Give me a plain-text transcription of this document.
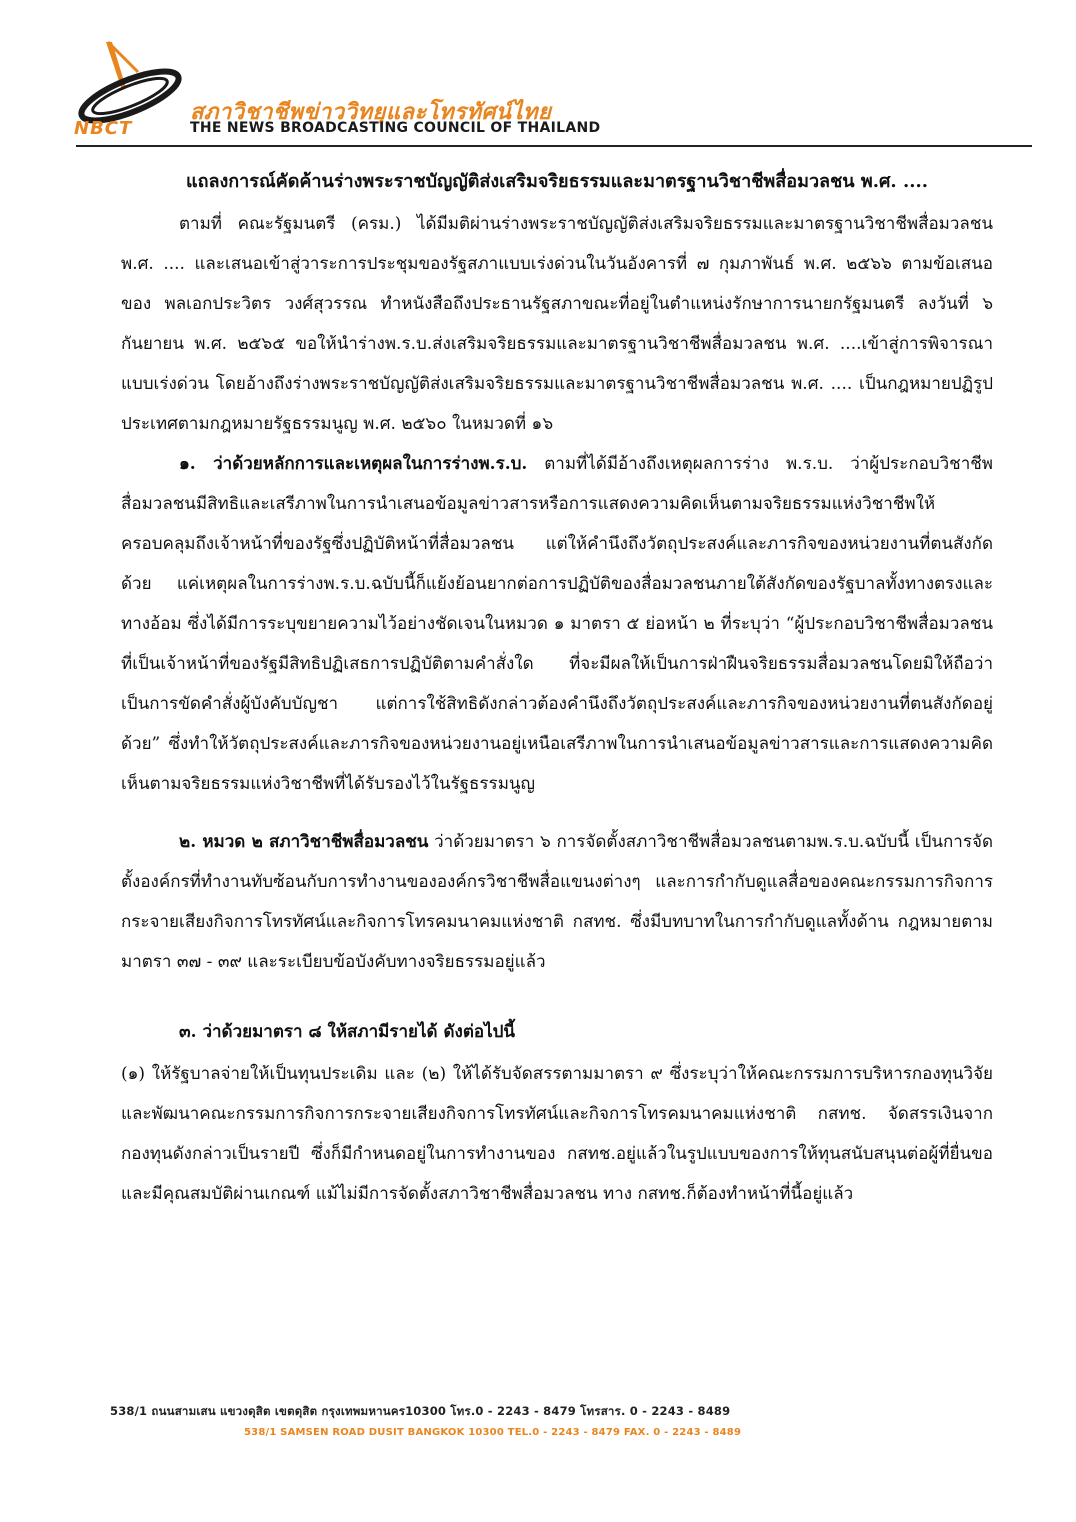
สภาวิชาชีพข่าววิทยุและโทรทัศน์ไทย
NBCT	THE NEWS BROADCASTING COUNCIL OF THAILAND

แถลงการณ์คัดค้านร่างพระราชบัญญัติส่งเสริมจริยธรรมและมาตรฐานวิชาชีพสื่อมวลชน พ.ศ. ....

ตามที่ คณะรัฐมนตรี (ครม.) ได้มีมติผ่านร่างพระราชบัญญัติส่งเสริมจริยธรรมและมาตรฐานวิชาชีพสื่อมวลชน พ.ศ. .... และเสนอเข้าสู่วาระการประชุมของรัฐสภาแบบเร่งด่วนในวันอังคารที่ ๗ กุมภาพันธ์ พ.ศ. ๒๕๖๖ ตามข้อเสนอของ พลเอกประวิตร วงศ์สุวรรณ ทำหนังสือถึงประธานรัฐสภาขณะที่อยู่ในตำแหน่งรักษาการนายกรัฐมนตรี ลงวันที่ ๖ กันยายน พ.ศ. ๒๕๖๕ ขอให้นำร่างพ.ร.บ.ส่งเสริมจริยธรรมและมาตรฐานวิชาชีพสื่อมวลชน พ.ศ. ....เข้าสู่การพิจารณาแบบเร่งด่วน โดยอ้างถึงร่างพระราชบัญญัติส่งเสริมจริยธรรมและมาตรฐานวิชาชีพสื่อมวลชน พ.ศ. .... เป็นกฎหมายปฏิรูปประเทศตามกฎหมายรัฐธรรมนูญ พ.ศ. ๒๕๖๐ ในหมวดที่ ๑๖

๑. ว่าด้วยหลักการและเหตุผลในการร่างพ.ร.บ. ตามที่ได้มีอ้างถึงเหตุผลการร่าง พ.ร.บ. ว่าผู้ประกอบวิชาชีพสื่อมวลชนมีสิทธิและเสรีภาพในการนำเสนอข้อมูลข่าวสารหรือการแสดงความคิดเห็นตามจริยธรรมแห่งวิชาชีพให้ครอบคลุมถึงเจ้าหน้าที่ของรัฐซึ่งปฏิบัติหน้าที่สื่อมวลชน แต่ให้คำนึงถึงวัตถุประสงค์และภารกิจของหน่วยงานที่ตนสังกัดด้วย แค่เหตุผลในการร่างพ.ร.บ.ฉบับนี้ก็แย้งย้อนยากต่อการปฏิบัติของสื่อมวลชนภายใต้สังกัดของรัฐบาลทั้งทางตรงและทางอ้อม ซึ่งได้มีการระบุขยายความไว้อย่างชัดเจนในหมวด ๑ มาตรา ๕ ย่อหน้า ๒ ที่ระบุว่า “ผู้ประกอบวิชาชีพสื่อมวลชนที่เป็นเจ้าหน้าที่ของรัฐมีสิทธิปฏิเสธการปฏิบัติตามคำสั่งใด ที่จะมีผลให้เป็นการฝ่าฝืนจริยธรรมสื่อมวลชนโดยมิให้ถือว่าเป็นการขัดคำสั่งผู้บังคับบัญชา แต่การใช้สิทธิดังกล่าวต้องคำนึงถึงวัตถุประสงค์และภารกิจของหน่วยงานที่ตนสังกัดอยู่ด้วย” ซึ่งทำให้วัตถุประสงค์และภารกิจของหน่วยงานอยู่เหนือเสรีภาพในการนำเสนอข้อมูลข่าวสารและการแสดงความคิดเห็นตามจริยธรรมแห่งวิชาชีพที่ได้รับรองไว้ในรัฐธรรมนูญ

๒. หมวด ๒ สภาวิชาชีพสื่อมวลชน ว่าด้วยมาตรา ๖ การจัดตั้งสภาวิชาชีพสื่อมวลชนตามพ.ร.บ.ฉบับนี้ เป็นการจัดตั้งองค์กรที่ทำงานทับซ้อนกับการทำงานขององค์กรวิชาชีพสื่อแขนงต่างๆ และการกำกับดูแลสื่อของคณะกรรมการกิจการกระจายเสียงกิจการโทรทัศน์และกิจการโทรคมนาคมแห่งชาติ กสทช. ซึ่งมีบทบาทในการกำกับดูแลทั้งด้าน กฎหมายตามมาตรา ๓๗ - ๓๙ และระเบียบข้อบังคับทางจริยธรรมอยู่แล้ว

๓. ว่าด้วยมาตรา ๘ ให้สภามีรายได้ ดังต่อไปนี้

(๑) ให้รัฐบาลจ่ายให้เป็นทุนประเดิม และ (๒) ให้ได้รับจัดสรรตามมาตรา ๙ ซึ่งระบุว่าให้คณะกรรมการบริหารกองทุนวิจัยและพัฒนาคณะกรรมการกิจการกระจายเสียงกิจการโทรทัศน์และกิจการโทรคมนาคมแห่งชาติ กสทช. จัดสรรเงินจากกองทุนดังกล่าวเป็นรายปี ซึ่งก็มีกำหนดอยู่ในการทำงานของ กสทช.อยู่แล้วในรูปแบบของการให้ทุนสนับสนุนต่อผู้ที่ยื่นขอและมีคุณสมบัติผ่านเกณฑ์ แม้ไม่มีการจัดตั้งสภาวิชาชีพสื่อมวลชน ทาง กสทช.ก็ต้องทำหน้าที่นี้อยู่แล้ว

538/1 ถนนสามเสน แขวงดุสิต เขตดุสิต กรุงเทพมหานคร10300 โทร.0 - 2243 - 8479 โทรสาร. 0 - 2243 - 8489
538/1 SAMSEN ROAD DUSIT BANGKOK 10300 TEL.0 - 2243 - 8479 FAX. 0 - 2243 - 8489
